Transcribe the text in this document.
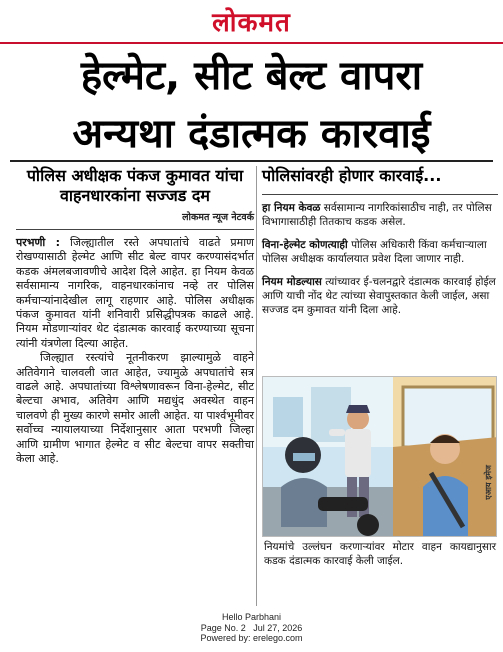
लोकमत
हेल्मेट, सीट बेल्ट वापरा
अन्यथा दंडात्मक कारवाई
पोलिस अधीक्षक पंकज कुमावत यांचा वाहनधारकांना सज्जड दम
लोकमत न्यूज नेटवर्क

परभणी : जिल्ह्यातील रस्ते अपघातांचे वाढते प्रमाण रोखण्यासाठी हेल्मेट आणि सीट बेल्ट वापर करण्यासंदर्भात कडक अंमलबजावणीचे आदेश दिले आहेत. हा नियम केवळ सर्वसामान्य नागरिक, वाहनधारकांनाच नव्हे तर पोलिस कर्मचाऱ्यांनादेखील लागू राहणार आहे. पोलिस अधीक्षक पंकज कुमावत यांनी शनिवारी प्रसिद्धीपत्रक काढले आहे. नियम मोडणाऱ्यांवर थेट दंडात्मक कारवाई करण्याच्या सूचना त्यांनी यंत्रणेला दिल्या आहेत.

जिल्ह्यात रस्त्यांचे नूतनीकरण झाल्यामुळे वाहने अतिवेगाने चालवली जात आहेत, ज्यामुळे अपघातांचे सत्र वाढले आहे. अपघातांच्या विश्लेषणावरून विना-हेल्मेट, सीट बेल्टचा अभाव, अतिवेग आणि मद्यधुंद अवस्थेत वाहन चालवणे ही मुख्य कारणे समोर आली आहेत. या पार्श्वभूमीवर सर्वोच्च न्यायालयाच्या निर्देशानुसार आता परभणी जिल्हा आणि ग्रामीण भागात हेल्मेट व सीट बेल्टचा वापर सक्तीचा केला आहे.

पोलिसांवरही होणार कारवाई...

हा नियम केवळ सर्वसामान्य नागरिकांसाठीच नाही, तर पोलिस विभागासाठीही तितकाच कडक असेल.

विना-हेल्मेट कोणत्याही पोलिस अधिकारी किंवा कर्मचाऱ्याला पोलिस अधीक्षक कार्यालयात प्रवेश दिला जाणार नाही.

नियम मोडल्यास त्यांच्यावर ई-चलनद्वारे दंडात्मक कारवाई होईल आणि याची नोंद थेट त्यांच्या सेवापुस्तकात केली जाईल, असा सज्जड दम कुमावत यांनी दिला आहे.

एआय इमेज
नियमांचे उल्लंघन करणाऱ्यांवर मोटार वाहन कायद्यानुसार कडक दंडात्मक कारवाई केली जाईल.
Hello Parbhani
Page No. 2   Jul 27, 2026
Powered by: erelego.com
